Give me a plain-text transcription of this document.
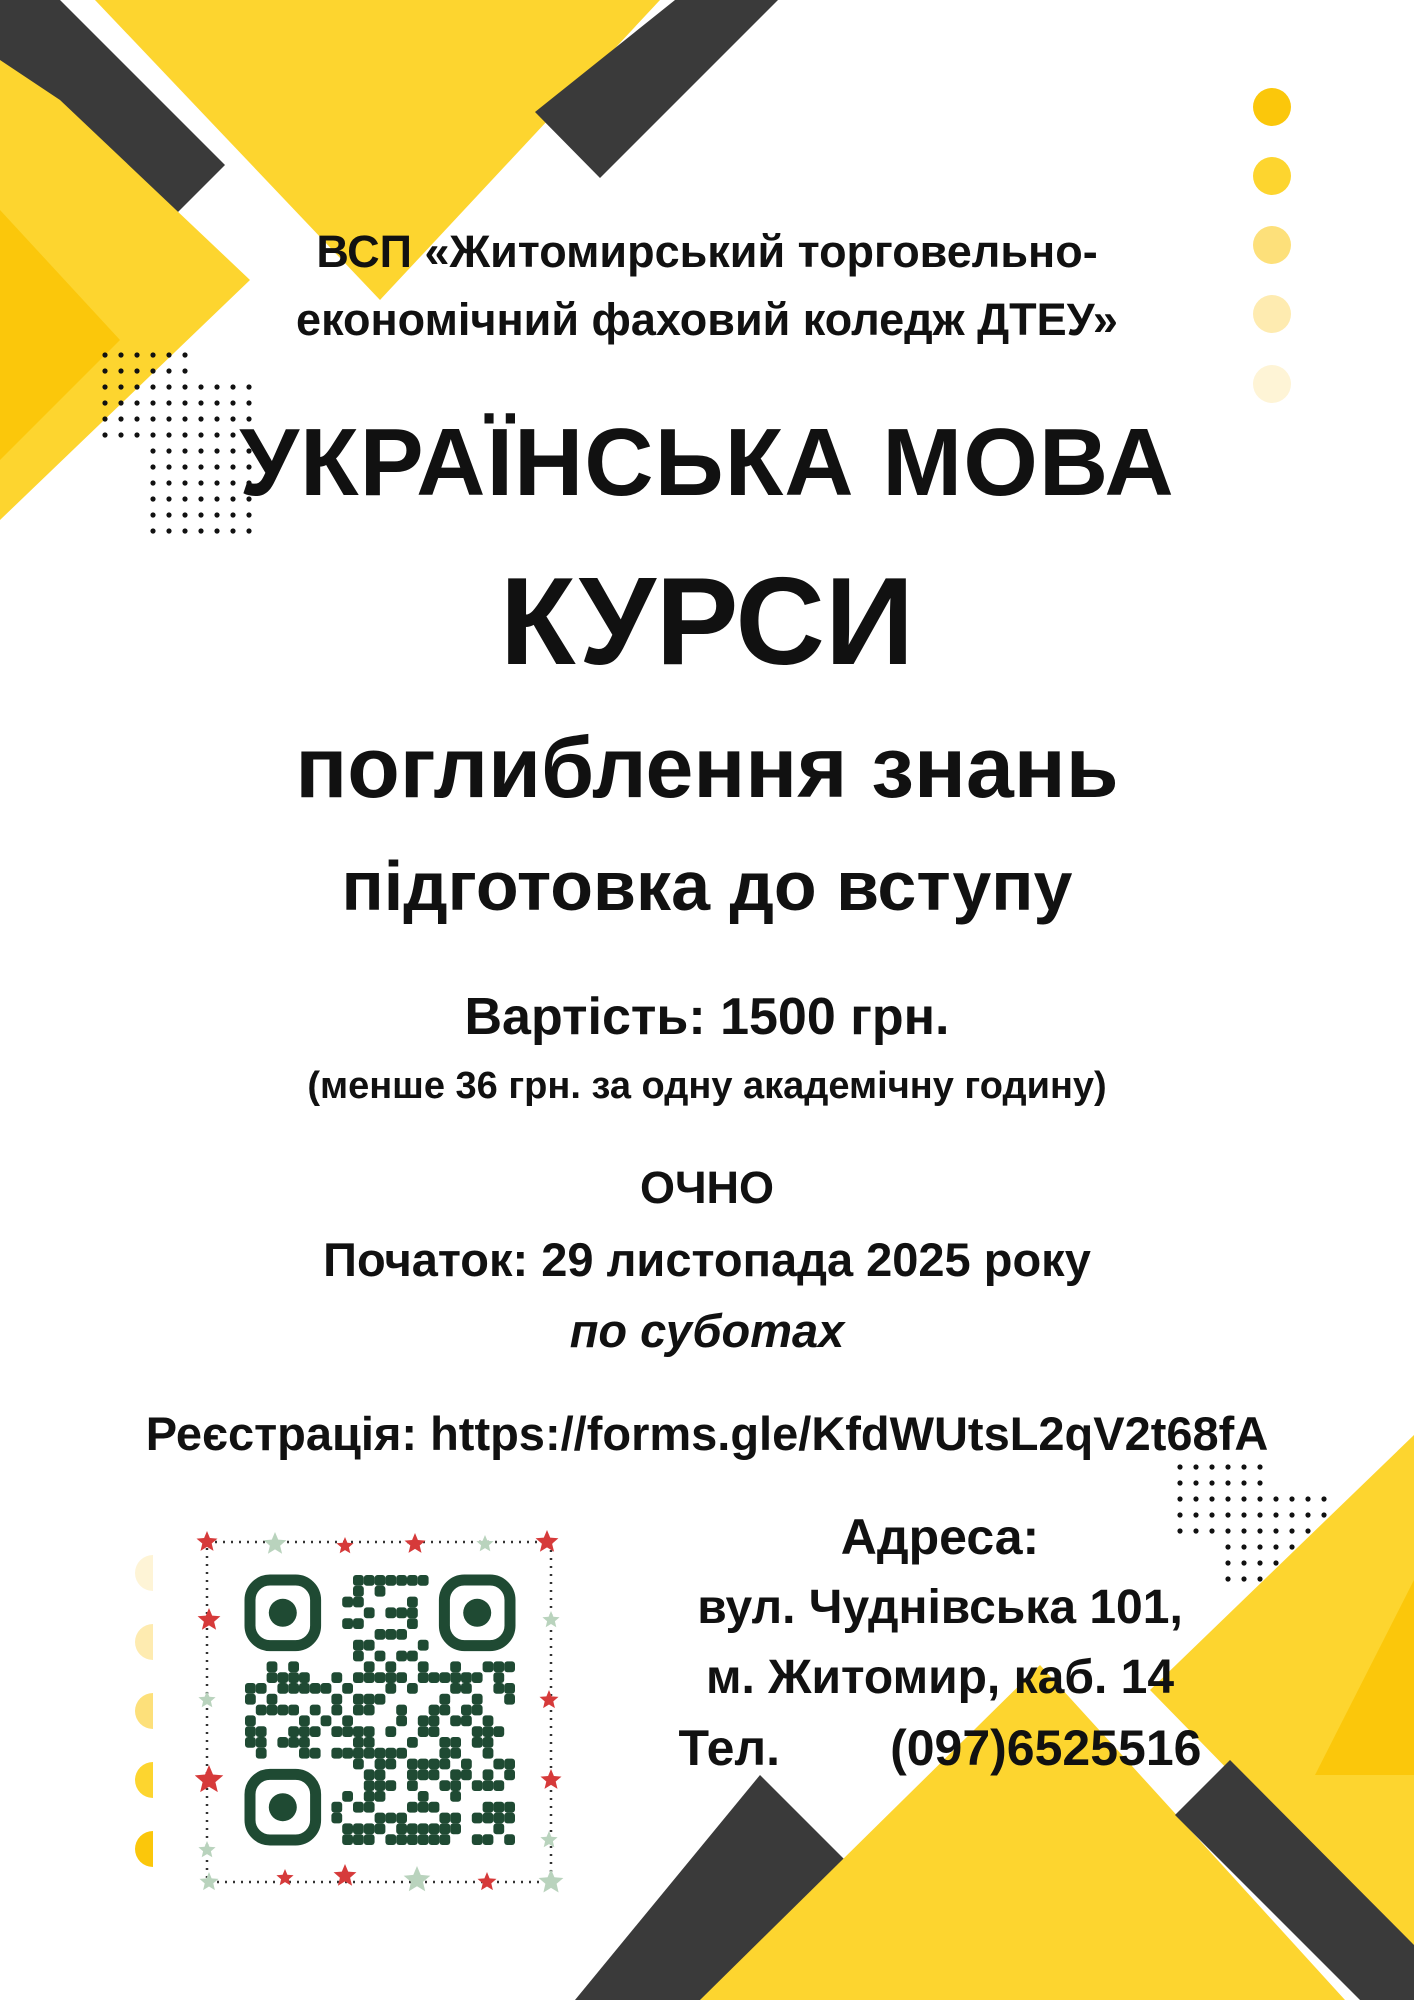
ВСП «Житомирський торговельно-
економічний фаховий коледж ДТЕУ»

УКРАЇНСЬКА МОВА

КУРСИ

поглиблення знань

підготовка до вступу

Вартість: 1500 грн.

(менше 36 грн. за одну академічну годину)

ОЧНО

Початок: 29 листопада 2025 року

по суботах

Реєстрація: https://forms.gle/KfdWUtsL2qV2t68fA

Адреса:

вул. Чуднівська 101,

м. Житомир, каб. 14

Тел. (097)6525516
